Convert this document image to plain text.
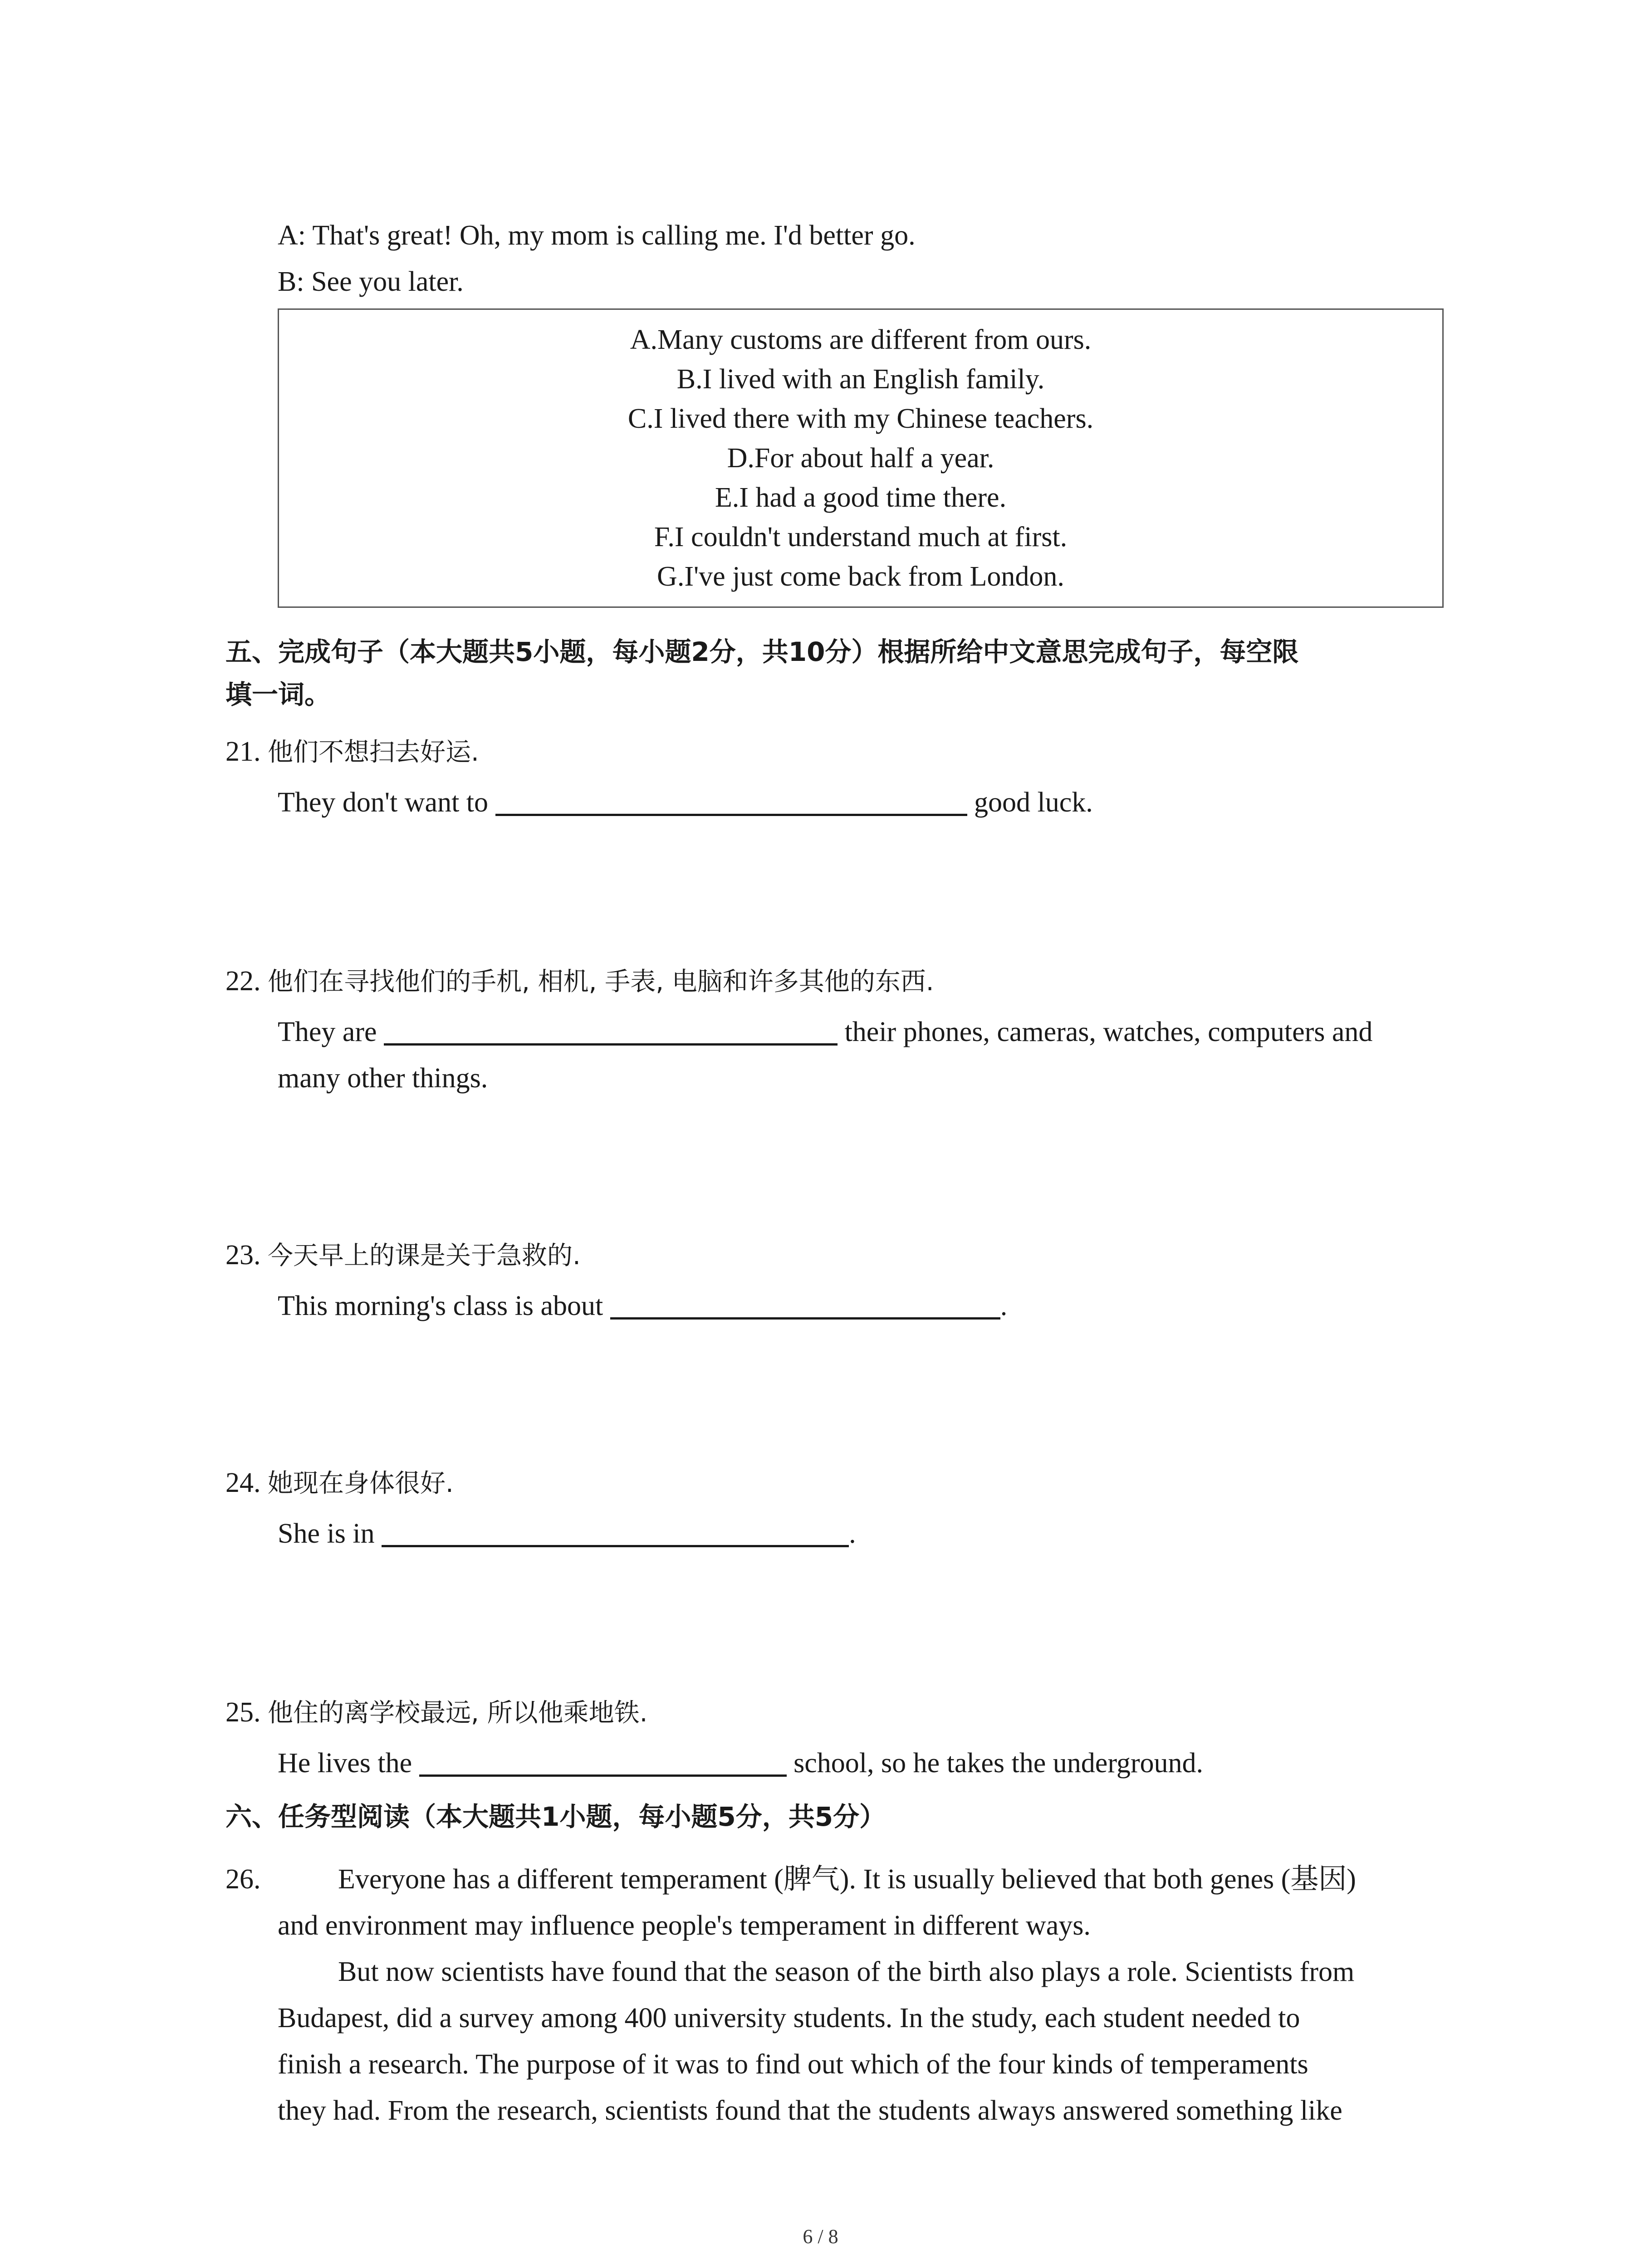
A: That's great! Oh, my mom is calling me. I'd better go.
B: See you later.
A.Many customs are different from ours.
B.I lived with an English family.
C.I lived there with my Chinese teachers.
D.For about half a year.
E.I had a good time there.
F.I couldn't understand much at first.
G.I've just come back from London.
五、完成句子（本大题共5小题，每小题2分，共10分）根据所给中文意思完成句子，每空限
填一词。
21. 他们不想扫去好运.
They don't want to	good luck.
22. 他们在寻找他们的手机, 相机, 手表, 电脑和许多其他的东西.
They are	their phones, cameras, watches, computers and
many other things.
23. 今天早上的课是关于急救的.
This morning's class is about	.
24. 她现在身体很好.
She is in	.
25. 他住的离学校最远, 所以他乘地铁.
He lives the	school, so he takes the underground.
六、任务型阅读（本大题共1小题，每小题5分，共5分）
26.	Everyone has a different temperament (脾气). It is usually believed that both genes (基因)
and environment may influence people's temperament in different ways.
But now scientists have found that the season of the birth also plays a role. Scientists from
Budapest, did a survey among 400 university students. In the study, each student needed to
finish a research. The purpose of it was to find out which of the four kinds of temperaments
they had. From the research, scientists found that the students always answered something like
6 / 8
